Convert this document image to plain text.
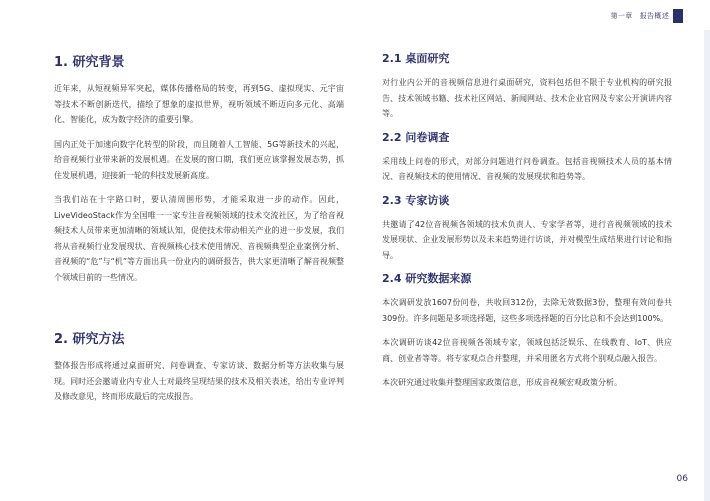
第一章　报告概述
1. 研究背景

近年来，从短视频异军突起，媒体传播格局的转变，再到5G、虚拟现实、元宇宙等技术不断创新迭代，描绘了想象的虚拟世界，视听领域不断迈向多元化、高端化、智能化，成为数字经济的重要引擎。

国内正处于加速向数字化转型的阶段，而且随着人工智能、5G等新技术的兴起，给音视频行业带来新的发展机遇。在发展的窗口期，我们更应该掌握发展态势，抓住发展机遇，迎接新一轮的科技发展新高度。

当我们站在十字路口时，要认清周围形势，才能采取进一步的动作。因此，LiveVideoStack作为全国唯一一家专注音视频领域的技术交流社区，为了给音视频技术人员带来更加清晰的领域认知，促使技术带动相关产业的进一步发展，我们将从音视频行业发展现状、音视频核心技术使用情况、音视频典型企业案例分析、音视频的“危”与“机”等方面出具一份业内的调研报告，供大家更清晰了解音视频整个领域目前的一些情况。

2. 研究方法

整体报告形成将通过桌面研究、问卷调查、专家访谈、数据分析等方法收集与展现。同时还会邀请业内专业人士对最终呈现结果的技术及相关表述，给出专业评判及修改意见，终而形成最后的完成报告。

2.1 桌面研究

对行业内公开的音视频信息进行桌面研究，资料包括但不限于专业机构的研究报告、技术领域书籍、技术社区网站、新闻网站、技术企业官网及专家公开演讲内容等。

2.2 问卷调查

采用线上问卷的形式，对部分问题进行问卷调查。包括音视频技术人员的基本情况、音视频技术的使用情况、音视频的发展现状和趋势等。

2.3 专家访谈

共邀请了42位音视频各领域的技术负责人、专家学者等，进行音视频领域的技术发展现状、企业发展形势以及未来趋势进行访谈，并对模型生成结果进行讨论和指导。

2.4 研究数据来源

本次调研发放1607份问卷，共收回312份，去除无效数据3份，整理有效问卷共309份。许多问题是多项选择题，这些多项选择题的百分比总和不会达到100%。

本次调研访谈42位音视频各领域专家，领域包括泛娱乐、在线教育、IoT、供应商、创业者等等。将专家观点合并整理，并采用匿名方式将个别观点融入报告。

本次研究通过收集并整理国家政策信息，形成音视频宏观政策分析。

06
